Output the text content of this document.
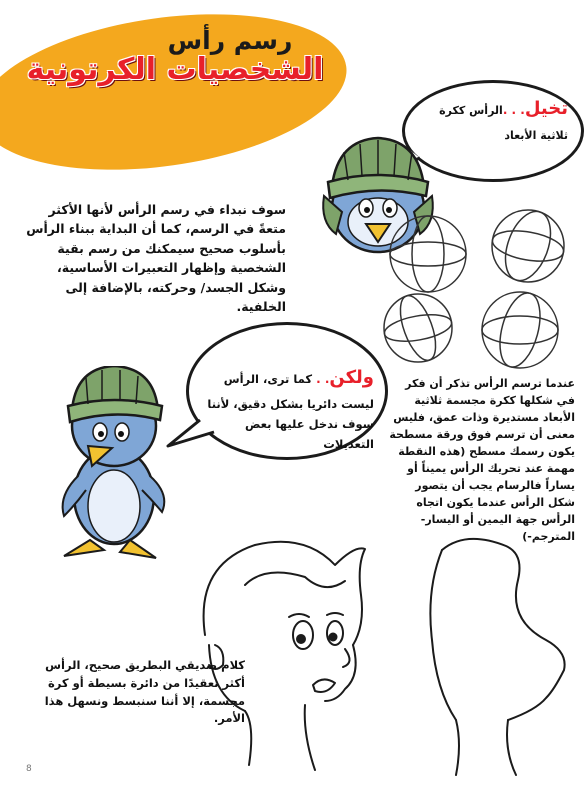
رسم رأس
الشخصيات الكرتونية
سوف نبداء في رسم الرأس لأنها الأكثر متعةً في الرسم، كما أن البداية ببناء الرأس بأسلوب صحيح سيمكنك من رسم بقية الشخصية وإظهار التعبيرات الأساسية، وشكل الجسد/ وحركته، بالإضافة إلى الخلفية.
تخيل. . .الرأس ككرة
ثلاثية الأبعاد
ولكن. . كما ترى، الرأس
ليست دائريا بشكل دقيق، لأننا
سوف ندخل عليها بعض
التعديلات
عندما ترسم الرأس تذكر أن فكر في شكلها ككرة مجسمة ثلاثية الأبعاد مستديرة وذات عمق، فليس معنى أن ترسم فوق ورقة مسطحة يكون رسمك مسطح (هذه النقطة مهمة عند تحريك الرأس يميناً أو يساراً فالرسام يجب أن يتصور شكل الرأس عندما يكون اتجاه الرأس جهة اليمين أو اليسار-المترجم-)
كلام صديقي البطريق صحيح، الرأس أكثر تعقيدًا من دائرة بسيطة أو كرة مجسمة، إلا أننا سنبسط ونسهل هذا الأمر.
8
